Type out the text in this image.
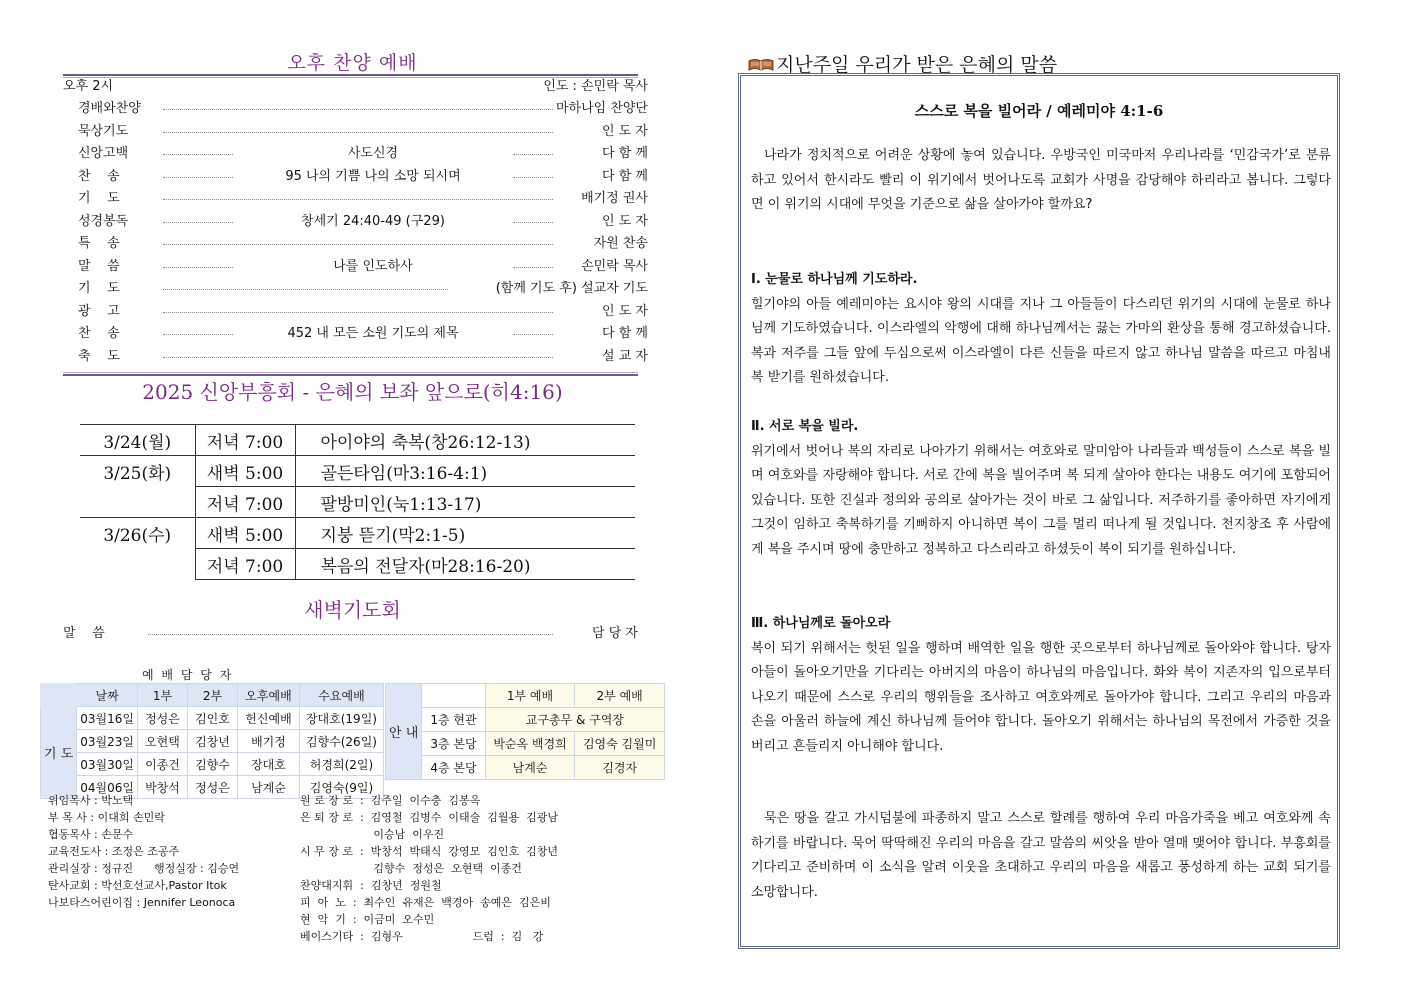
오후 찬양 예배
오후 2시	인도 : 손민락 목사
경배와찬양	마하나임 찬양단
묵상기도	인 도 자
신앙고백	사도신경	다 함 께
찬    송	95 나의 기쁨 나의 소망 되시며	다 함 께
기    도	배기정 권사
성경봉독	창세기 24:40-49 (구29)	인 도 자
특    송	자원 찬송
말    씀	나를 인도하사	손민락 목사
기    도	(함께 기도 후) 설교자 기도
광    고	인 도 자
찬    송	452 내 모든 소원 기도의 제목	다 함 께
축    도	설 교 자
2025 신앙부흥회 - 은혜의 보좌 앞으로(히4:16)
3/24(월)	저녁 7:00	아이야의 축복(창26:12-13)
3/25(화)	새벽 5:00	골든타임(마3:16-4:1)
	저녁 7:00	팔방미인(눅1:13-17)
3/26(수)	새벽 5:00	지붕 뜯기(막2:1-5)
	저녁 7:00	복음의 전달자(마28:16-20)
새벽기도회
말    씀	담 당 자
예 배 담 당 자
	날짜	1부	2부	오후예배	수요예배
기 도	03월16일	정성은	김인호	헌신예배	장대호(19일)
	03월23일	오현택	김창년	배기정	김향수(26일)
	03월30일	이종건	김향수	장대호	허경희(2일)
	04월06일	박창석	정성은	남계순	김영숙(9일)
안 내		1부 예배	2부 예배
	1층 현관	교구총무 & 구역장	
	3층 본당	박순옥 백경희	김영숙 김월미
	4층 본당	남계순	김경자
위임목사 : 박노택
부 목 사 : 이대희 손민락
협동목사 : 손문수
교육전도사 : 조정은 조공주
관리실장 : 정규진      행정실장 : 김승연
탄사교회 : 박선호선교사,Pastor Itok
나보타스어린이집 : Jennifer Leonoca
원 로 장 로  :  김주일  이수충  김봉옥
은 퇴 장 로  :  김영철  김병수  이태술  김월용  김광남
이승남  이우진
시 무 장 로  :  박창석  박태식  강영모  김인호  김창년
김향수  정성은  오현택  이종건
찬양대지휘  :  김창년  정원철
피  아  노  :  최수인  유재은  백경아  송예은  김은비
현  악  기  :  이금미  오수민
베이스기타  :  김형우                    드럼  :  김   강
지난주일 우리가 받은 은혜의 말씀
스스로 복을 빌어라 / 예레미야 4:1-6
나라가 정치적으로 어려운 상황에 놓여 있습니다. 우방국인 미국마저 우리나라를 ‘민감국가’로 분류하고 있어서 한시라도 빨리 이 위기에서 벗어나도록 교회가 사명을 감당해야 하리라고 봅니다. 그렇다면 이 위기의 시대에 무엇을 기준으로 삶을 살아가야 할까요?
Ⅰ. 눈물로 하나님께 기도하라.
힐기야의 아들 예레미야는 요시야 왕의 시대를 지나 그 아들들이 다스리던 위기의 시대에 눈물로 하나님께 기도하였습니다. 이스라엘의 악행에 대해 하나님께서는 끓는 가마의 환상을 통해 경고하셨습니다. 복과 저주를 그들 앞에 두심으로써 이스라엘이 다른 신들을 따르지 않고 하나님 말씀을 따르고 마침내 복 받기를 원하셨습니다.
Ⅱ. 서로 복을 빌라.
위기에서 벗어나 복의 자리로 나아가기 위해서는 여호와로 말미암아 나라들과 백성들이 스스로 복을 빌며 여호와를 자랑해야 합니다. 서로 간에 복을 빌어주며 복 되게 살아야 한다는 내용도 여기에 포함되어 있습니다. 또한 진실과 정의와 공의로 살아가는 것이 바로 그 삶입니다. 저주하기를 좋아하면 자기에게 그것이 임하고 축복하기를 기뻐하지 아니하면 복이 그를 멀리 떠나게 될 것입니다. 천지창조 후 사람에게 복을 주시며 땅에 충만하고 정복하고 다스리라고 하셨듯이 복이 되기를 원하십니다.
Ⅲ. 하나님께로 돌아오라
복이 되기 위해서는 헛된 일을 행하며 배역한 일을 행한 곳으로부터 하나님께로 돌아와야 합니다. 탕자 아들이 돌아오기만을 기다리는 아버지의 마음이 하나님의 마음입니다. 화와 복이 지존자의 입으로부터 나오기 때문에 스스로 우리의 행위들을 조사하고 여호와께로 돌아가야 합니다. 그리고 우리의 마음과 손을 아울러 하늘에 계신 하나님께 들어야 합니다. 돌아오기 위해서는 하나님의 목전에서 가증한 것을 버리고 흔들리지 아니해야 합니다.
묵은 땅을 갈고 가시덤불에 파종하지 말고 스스로 할례를 행하여 우리 마음가죽을 베고 여호와께 속하기를 바랍니다. 묵어 딱딱해진 우리의 마음을 갈고 말씀의 씨앗을 받아 열매 맺어야 합니다. 부흥회를 기다리고 준비하며 이 소식을 알려 이웃을 초대하고 우리의 마음을 새롭고 풍성하게 하는 교회 되기를 소망합니다.
